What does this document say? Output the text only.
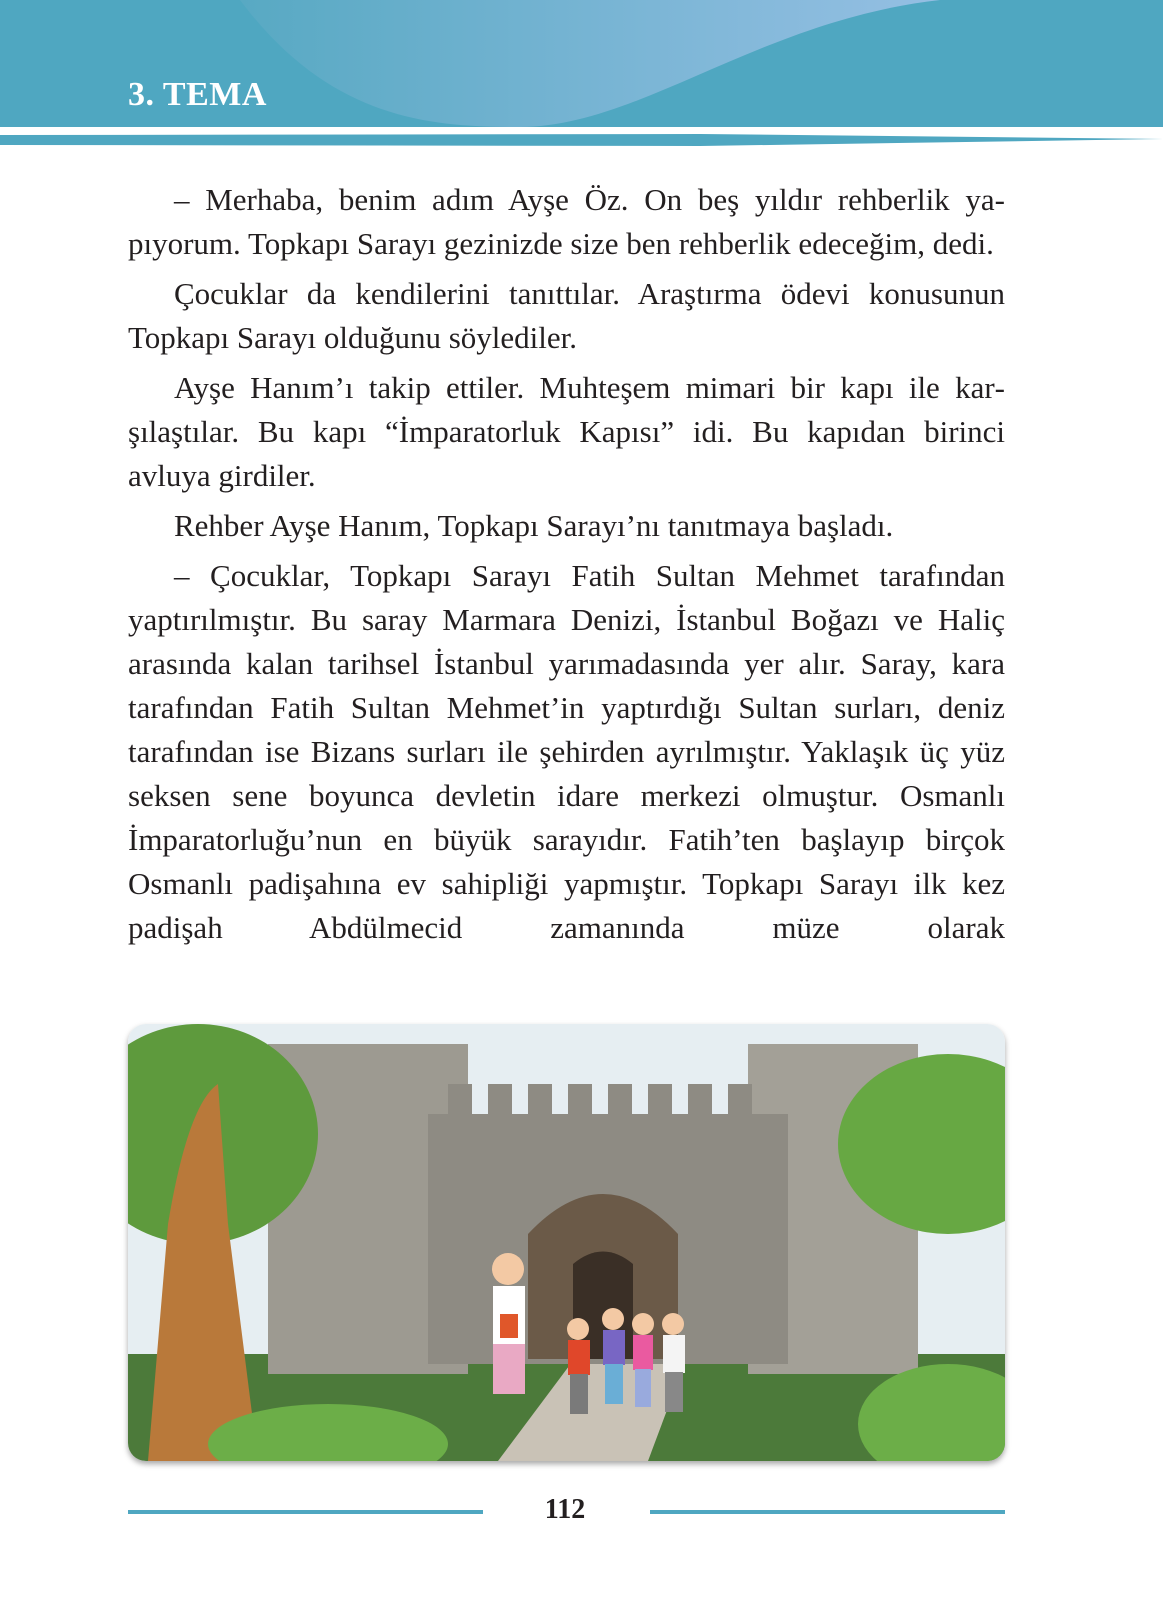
3. TEMA

– Merhaba, benim adım Ayşe Öz. On beş yıldır rehberlik yapıyorum. Topkapı Sarayı gezinizde size ben rehberlik edeceğim, dedi.

Çocuklar da kendilerini tanıttılar. Araştırma ödevi konusunun Topkapı Sarayı olduğunu söylediler.

Ayşe Hanım’ı takip ettiler. Muhteşem mimari bir kapı ile karşılaştılar. Bu kapı “İmparatorluk Kapısı” idi. Bu kapıdan birinci avluya girdiler.

Rehber Ayşe Hanım, Topkapı Sarayı’nı tanıtmaya başladı.

– Çocuklar, Topkapı Sarayı Fatih Sultan Mehmet tarafından yaptırılmıştır. Bu saray Marmara Denizi, İstanbul Boğazı ve Haliç arasında kalan tarihsel İstanbul yarımadasında yer alır. Saray, kara tarafından Fatih Sultan Mehmet’in yaptırdığı Sultan surları, deniz tarafından ise Bizans surları ile şehirden ayrılmıştır. Yaklaşık üç yüz seksen sene boyunca devletin idare merkezi olmuştur. Osmanlı İmparatorluğu’nun en büyük sarayıdır. Fatih’ten başlayıp birçok Osmanlı padişahına ev sahipliği yapmıştır. Topkapı Sarayı ilk kez padişah Abdülmecid zamanında müze olarak

112
